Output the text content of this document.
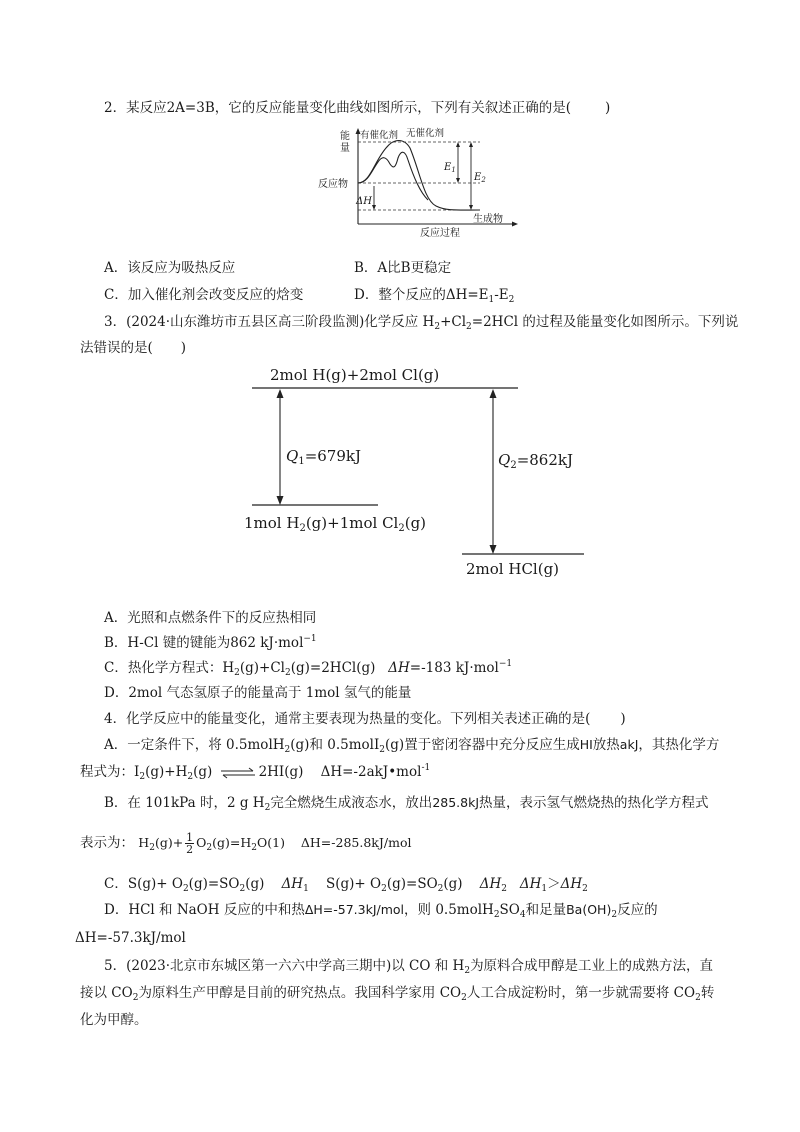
2．某反应2A=3B，它的反应能量变化曲线如图所示，下列有关叙述正确的是(	)
能
量
有催化剂 无催化剂
反应物
生成物
ΔH
$E_1$
$E_2$
反应过程
A．该反应为吸热反应	B．A比B更稳定
C．加入催化剂会改变反应的焓变	D．整个反应的$\Delta H=E_1-E_2$
3．(2024·山东潍坊市五县区高三阶段监测)化学反应 $H_2+Cl_2=2HCl$ 的过程及能量变化如图所示。下列说
法错误的是( )
2mol H(g)+2mol Cl(g)
2mol HCl(g)
$Q_1=679kJ$	$Q_2=862kJ$
1mol $H_2(g)+1mol$ $Cl_2(g)$
A．光照和点燃条件下的反应热相同
B．H-Cl 键的键能为862 kJ·mol$^{-1}$
C．热化学方程式：$H_2(g)+Cl_2(g)=2HCl(g)$   ΔH=-183 kJ·mol$^{-1}$
D．2mol 气态氢原子的能量高于 1mol 氢气的能量
4．化学反应中的能量变化，通常主要表现为热量的变化。下列相关表述正确的是( )
A．一定条件下，将 0.5molH$_2$(g)和 0.5molI$_2$(g)置于密闭容器中充分反应生成HI放热akJ，其热化学方
程式为：$I_2(g)+H_2(g)$ ⇌ 2HI(g)    ΔH=-2akJ•mol$^{-1}$
B．在 101kPa 时，2 g $H_2$完全燃烧生成液态水，放出285.8kJ热量，表示氢气燃烧热的热化学方程式
表示为： $H_2(g)+ \frac{1}{2} O_2(g)=H_2O(1)$    ΔH=-285.8kJ/mol
C．$S(g)+ O_2(g)=SO_2(g)$    $\Delta H_1$    $S(g)+ O_2(g)=SO_2(g)$    $\Delta H_2$ $\Delta H_1>\Delta H_2$
D．HCl 和 NaOH 反应的中和热ΔH=-57.3kJ/mol，则 $0.5molH_2SO_4$和足量$Ba(OH)_2$反应的
ΔH=-57.3kJ/mol
5．(2023·北京市东城区第一六六中学高三期中)以 CO 和 $H_2$为原料合成甲醇是工业上的成熟方法，直
接以 $CO_2$为原料生产甲醇是目前的研究热点。我国科学家用 $CO_2$人工合成淀粉时，第一步就需要将 $CO_2$转
化为甲醇。
